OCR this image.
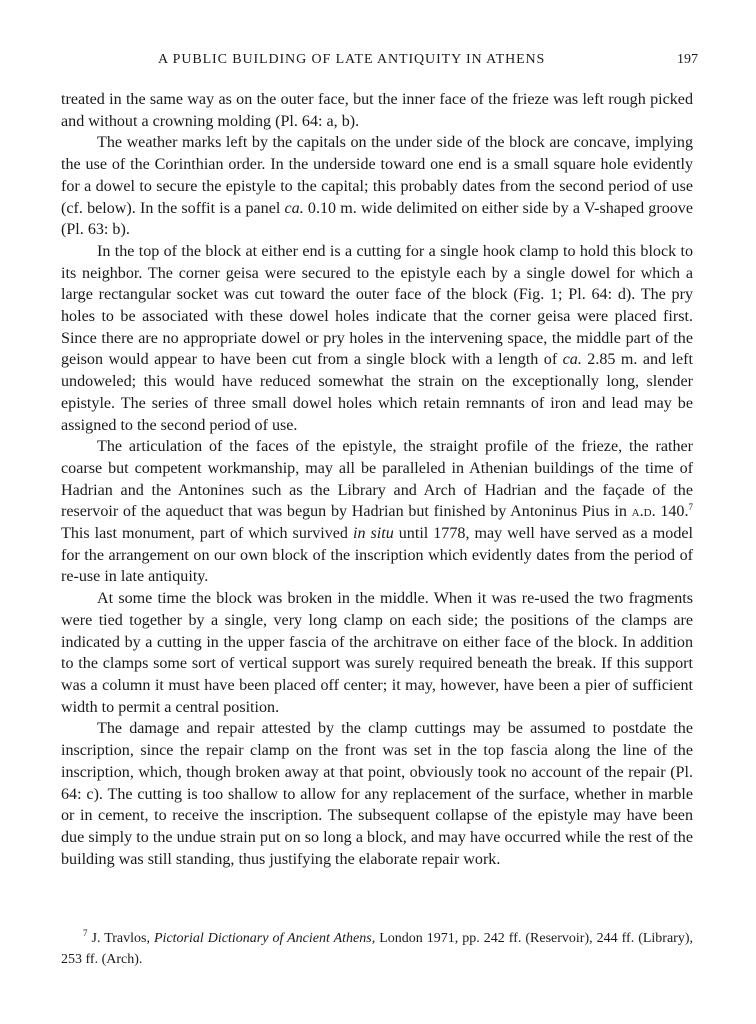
A PUBLIC BUILDING OF LATE ANTIQUITY IN ATHENS	197

treated in the same way as on the outer face, but the inner face of the frieze was left rough picked and without a crowning molding (Pl. 64: a, b).

The weather marks left by the capitals on the under side of the block are concave, implying the use of the Corinthian order. In the underside toward one end is a small square hole evidently for a dowel to secure the epistyle to the capital; this probably dates from the second period of use (cf. below). In the soffit is a panel ca. 0.10 m. wide delimited on either side by a V-shaped groove (Pl. 63: b).

In the top of the block at either end is a cutting for a single hook clamp to hold this block to its neighbor. The corner geisa were secured to the epistyle each by a single dowel for which a large rectangular socket was cut toward the outer face of the block (Fig. 1; Pl. 64: d). The pry holes to be associated with these dowel holes indicate that the corner geisa were placed first. Since there are no appropriate dowel or pry holes in the intervening space, the middle part of the geison would appear to have been cut from a single block with a length of ca. 2.85 m. and left undoweled; this would have reduced somewhat the strain on the exceptionally long, slender epistyle. The series of three small dowel holes which retain remnants of iron and lead may be assigned to the second period of use.

The articulation of the faces of the epistyle, the straight profile of the frieze, the rather coarse but competent workmanship, may all be paralleled in Athenian buildings of the time of Hadrian and the Antonines such as the Library and Arch of Hadrian and the façade of the reservoir of the aqueduct that was begun by Hadrian but finished by Antoninus Pius in a.d. 140.$^7$ This last monument, part of which survived in situ until 1778, may well have served as a model for the arrangement on our own block of the inscription which evidently dates from the period of re-use in late antiquity.

At some time the block was broken in the middle. When it was re-used the two fragments were tied together by a single, very long clamp on each side; the positions of the clamps are indicated by a cutting in the upper fascia of the architrave on either face of the block. In addition to the clamps some sort of vertical support was surely required beneath the break. If this support was a column it must have been placed off center; it may, however, have been a pier of sufficient width to permit a central position.

The damage and repair attested by the clamp cuttings may be assumed to postdate the inscription, since the repair clamp on the front was set in the top fascia along the line of the inscription, which, though broken away at that point, obviously took no account of the repair (Pl. 64: c). The cutting is too shallow to allow for any replacement of the surface, whether in marble or in cement, to receive the inscription. The subsequent collapse of the epistyle may have been due simply to the undue strain put on so long a block, and may have occurred while the rest of the building was still standing, thus justifying the elaborate repair work.

$^7$ J. Travlos, Pictorial Dictionary of Ancient Athens, London 1971, pp. 242 ff. (Reservoir), 244 ff. (Library), 253 ff. (Arch).
